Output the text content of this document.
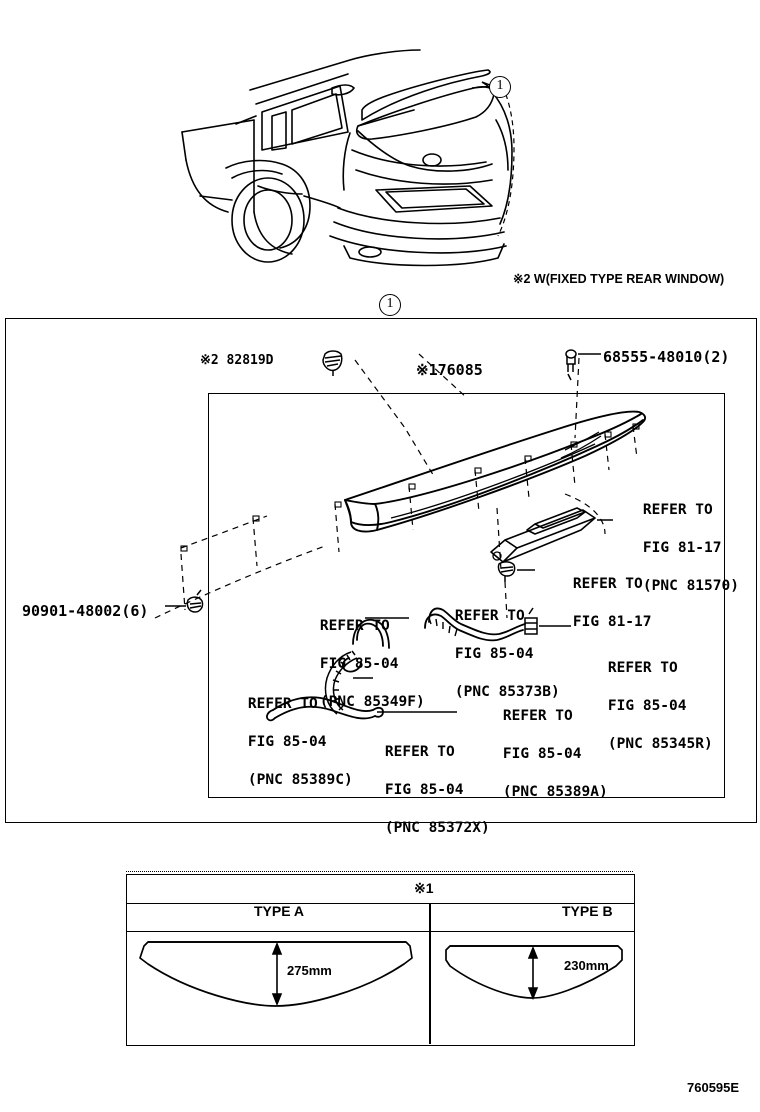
1
※2 W(FIXED TYPE REAR WINDOW)
1
※2 82819D
※176085
68555-48010(2)
90901-48002(6)

REFER TO

FIG 81-17

(PNC 81570)

REFER TO

FIG 81-17

REFER TO

FIG 85-04

(PNC 85349F)

REFER TO

FIG 85-04

(PNC 85373B)

REFER TO

FIG 85-04

(PNC 85345R)

REFER TO

FIG 85-04

(PNC 85389C)

REFER TO

FIG 85-04

(PNC 85389A)

REFER TO

FIG 85-04

(PNC 85372X)

※1
TYPE A	TYPE B
275mm	230mm
760595E
